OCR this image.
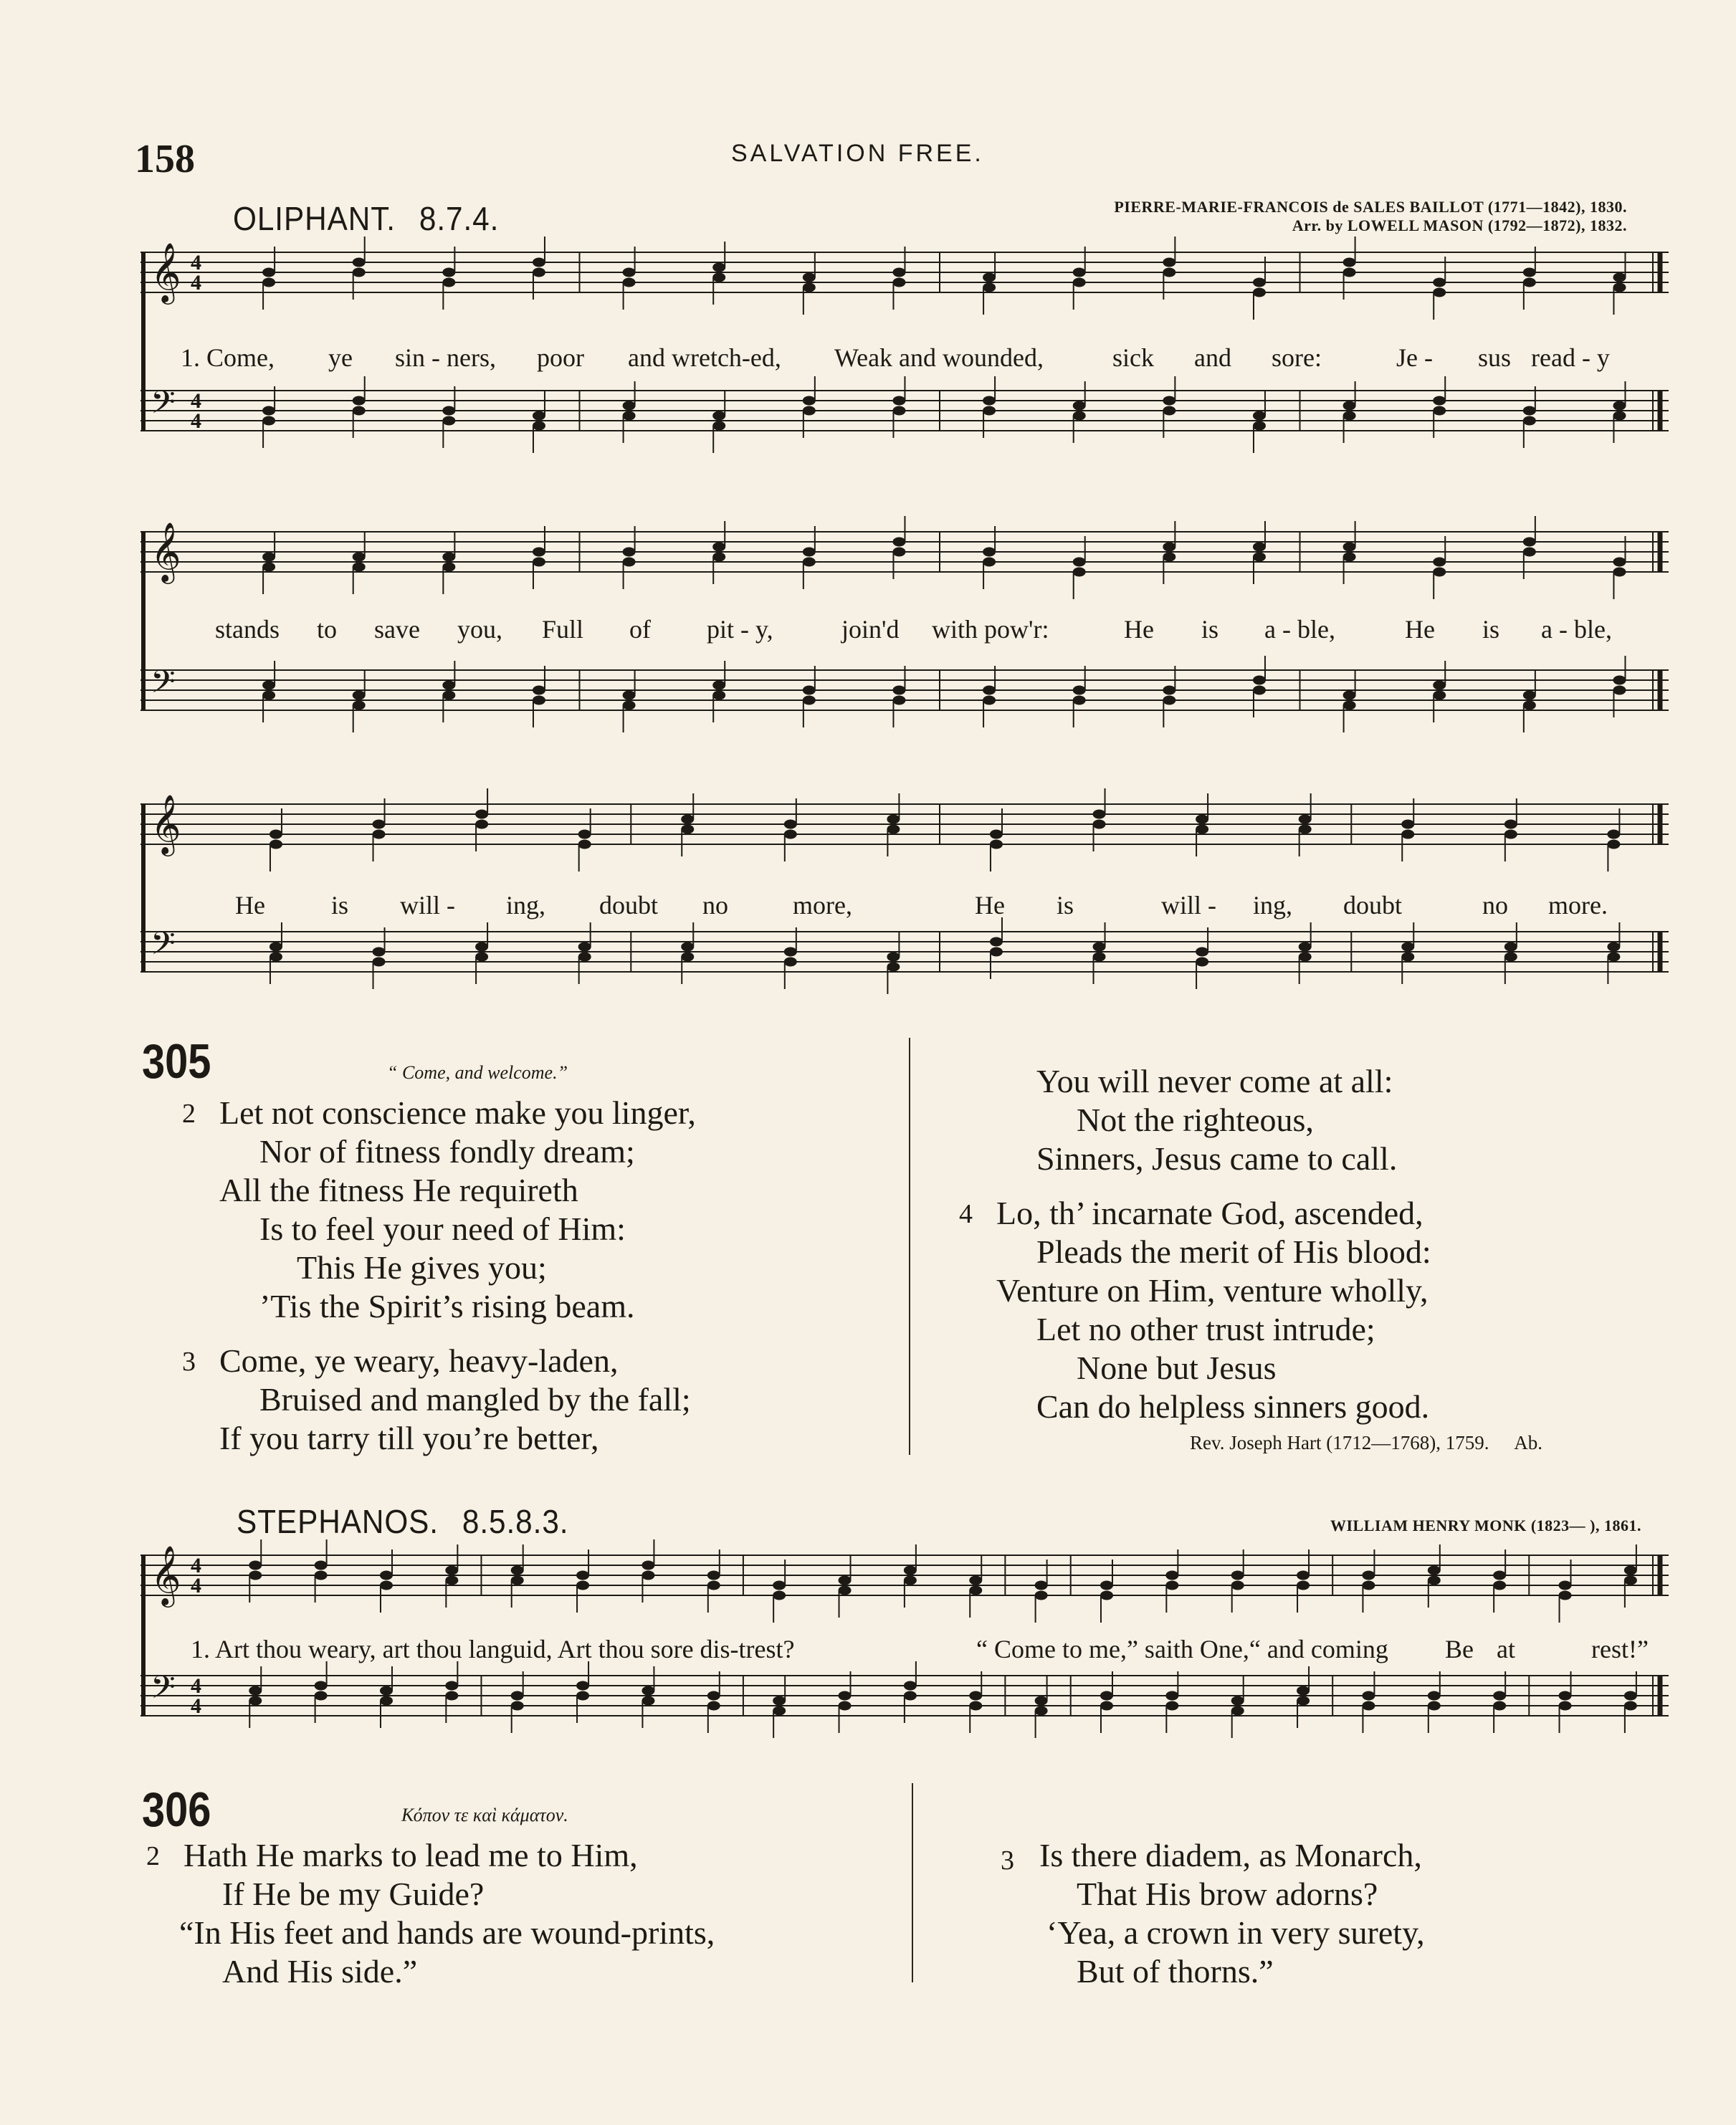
158	SALVATION FREE.
OLIPHANT. 8.7.4.	PIERRE-MARIE-FRANCOIS de SALES BAILLOT (1771—1842), 1830.
Arr. by LOWELL MASON (1792—1872), 1832.
𝄞
𝄢
4
4
4
4
1. Come, ye sin - ners, poor and wretch-ed, Weak and wounded,	sick and sore:	Je - sus read - y
𝄞
𝄢
stands to save you, Full of pit - y,	join'd with pow'r:	He is a - ble,	He is a - ble,
𝄞
𝄢
He	is will - ing, doubt no	more,	He is	will - ing, doubt	no more.
305	“ Come, and welcome.”
2 Let not conscience make you linger,
Nor of fitness fondly dream;
All the fitness He requireth
Is to feel your need of Him:
This He gives you;
’Tis the Spirit’s rising beam.
3 Come, ye weary, heavy-laden,
Bruised and mangled by the fall;
If you tarry till you’re better,
You will never come at all:
Not the righteous,
Sinners, Jesus came to call.
4 Lo, th’ incarnate God, ascended,
Pleads the merit of His blood:
Venture on Him, venture wholly,
Let no other trust intrude;
None but Jesus
Can do helpless sinners good.
Rev. Joseph Hart (1712—1768), 1759. Ab.
STEPHANOS. 8.5.8.3.	WILLIAM HENRY MONK (1823— ), 1861.
𝄞
𝄢
4
4
4
4
1. Art thou weary, art thou languid, Art thou sore dis-trest?	“ Come to me,” saith One,“ and coming Be at	rest!”
306	Κόπον τε καὶ κάματον.
2 Hath He marks to lead me to Him,
If He be my Guide?
“In His feet and hands are wound-prints,
And His side.”
3 Is there diadem, as Monarch,
That His brow adorns?
‘Yea, a crown in very surety,
But of thorns.”
